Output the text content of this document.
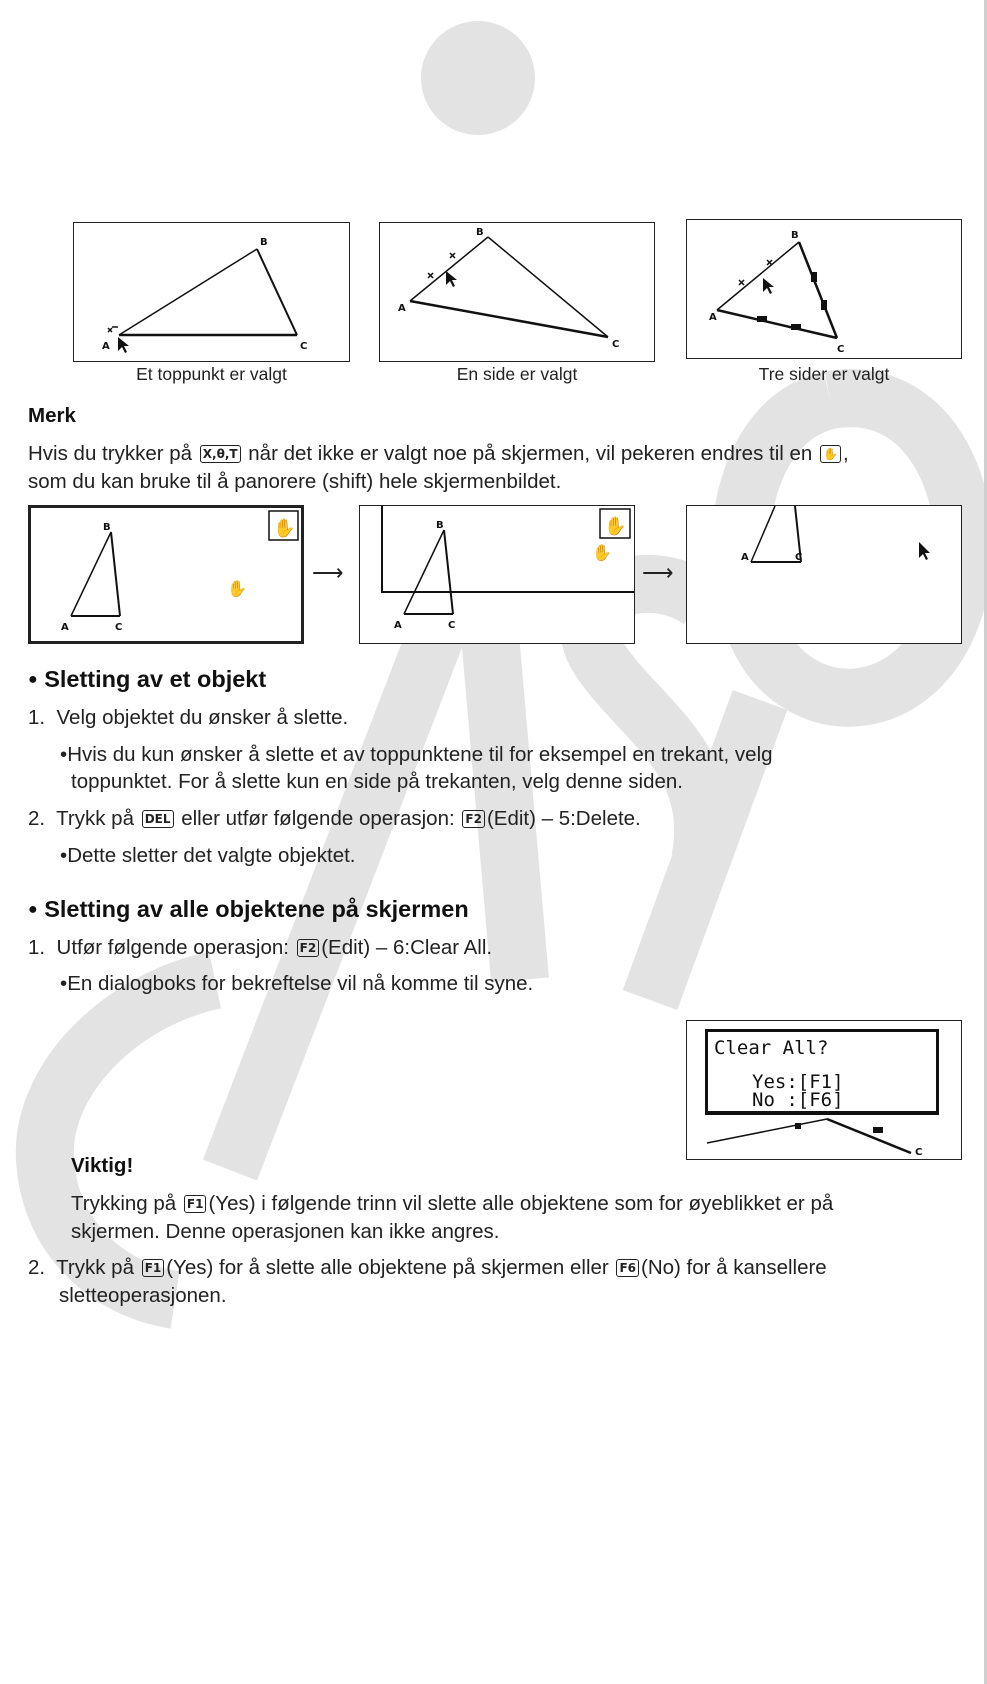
B
A	C
Et toppunkt er valgt
B
A
C
En side er valgt
B
A
C
Tre sider er valgt
Merk
Hvis du trykker på X,θ,T når det ikke er valgt noe på skjermen, vil pekeren endres til en ✋ ,
som du kan bruke til å panorere (shift) hele skjermenbildet.
B
A	C
✋
✋
⟶
B
A	C
✋
✋
⟶
A	C
● Sletting av et objekt
1. Velg objektet du ønsker å slette.
•Hvis du kun ønsker å slette et av toppunktene til for eksempel en trekant, velg
toppunktet. For å slette kun en side på trekanten, velg denne siden.
2. Trykk på DEL eller utfør følgende operasjon: F2 (Edit) – 5:Delete.
•Dette sletter det valgte objektet.
● Sletting av alle objektene på skjermen
1. Utfør følgende operasjon: F2 (Edit) – 6:Clear All.
•En dialogboks for bekreftelse vil nå komme til syne.
C
Clear All?
Yes:[F1]
No :[F6]
Viktig!
Trykking på F1 (Yes) i følgende trinn vil slette alle objektene som for øyeblikket er på
skjermen. Denne operasjonen kan ikke angres.
2. Trykk på F1 (Yes) for å slette alle objektene på skjermen eller F6 (No) for å kansellere
sletteoperasjonen.
